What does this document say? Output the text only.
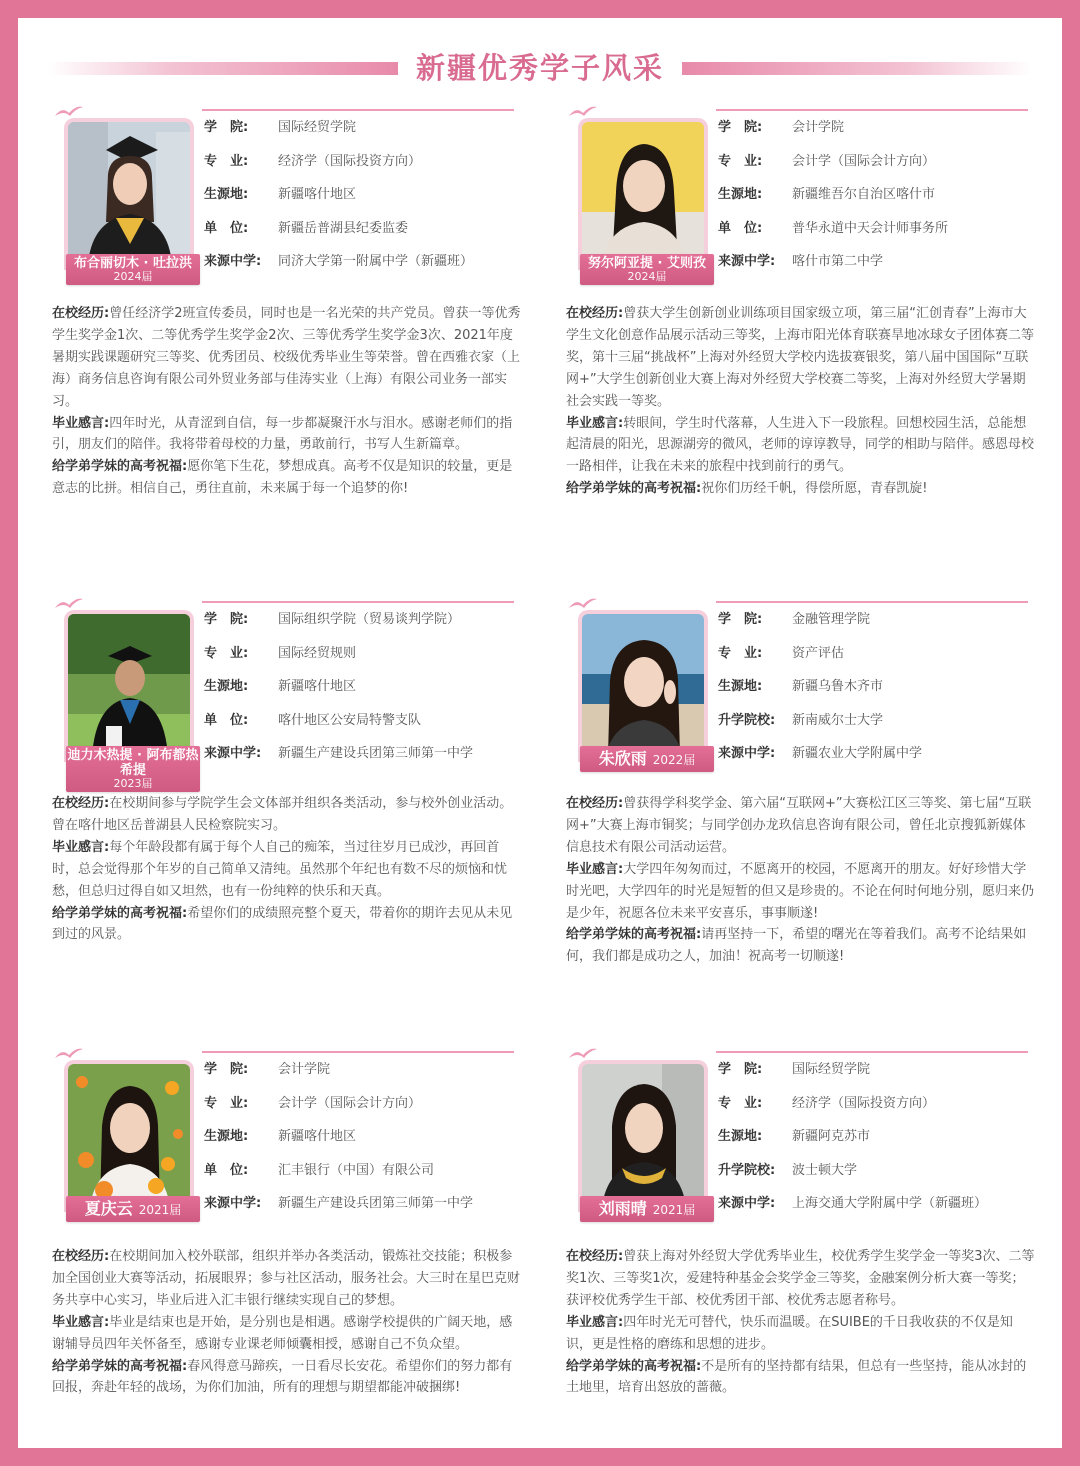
新疆优秀学子风采
布合丽切木 · 吐拉洪
2024届
学　院:	国际经贸学院
专　业:	经济学（国际投资方向）
生源地:	新疆喀什地区
单　位:	新疆岳普湖县纪委监委
来源中学:	同济大学第一附属中学（新疆班）

在校经历:曾任经济学2班宣传委员，同时也是一名光荣的共产党员。曾获一等优秀学生奖学金1次、二等优秀学生奖学金2次、三等优秀学生奖学金3次、2021年度暑期实践课题研究三等奖、优秀团员、校级优秀毕业生等荣誉。曾在西雅衣家（上海）商务信息咨询有限公司外贸业务部与佳涛实业（上海）有限公司业务一部实习。

毕业感言:四年时光，从青涩到自信，每一步都凝聚汗水与泪水。感谢老师们的指引，朋友们的陪伴。我将带着母校的力量，勇敢前行，书写人生新篇章。

给学弟学妹的高考祝福:愿你笔下生花，梦想成真。高考不仅是知识的较量，更是意志的比拼。相信自己，勇往直前，未来属于每一个追梦的你!

努尔阿亚提 · 艾则孜
2024届
学　院:	会计学院
专　业:	会计学（国际会计方向）
生源地:	新疆维吾尔自治区喀什市
单　位:	普华永道中天会计师事务所
来源中学:	喀什市第二中学

在校经历:曾获大学生创新创业训练项目国家级立项，第三届“汇创青春”上海市大学生文化创意作品展示活动三等奖，上海市阳光体育联赛旱地冰球女子团体赛二等奖，第十三届“挑战杯”上海对外经贸大学校内选拔赛银奖，第八届中国国际“互联网+”大学生创新创业大赛上海对外经贸大学校赛二等奖，上海对外经贸大学暑期社会实践一等奖。

毕业感言:转眼间，学生时代落幕，人生进入下一段旅程。回想校园生活，总能想起清晨的阳光，思源湖旁的微风，老师的谆谆教导，同学的相助与陪伴。感恩母校一路相伴，让我在未来的旅程中找到前行的勇气。

给学弟学妹的高考祝福:祝你们历经千帆，得偿所愿，青春凯旋!

迪力木热提 · 阿布都热希提
2023届
学　院:	国际组织学院（贸易谈判学院）
专　业:	国际经贸规则
生源地:	新疆喀什地区
单　位:	喀什地区公安局特警支队
来源中学:	新疆生产建设兵团第三师第一中学

在校经历:在校期间参与学院学生会文体部并组织各类活动，参与校外创业活动。曾在喀什地区岳普湖县人民检察院实习。

毕业感言:每个年龄段都有属于每个人自己的痴笨，当过往岁月已成沙，再回首时，总会觉得那个年岁的自己简单又清纯。虽然那个年纪也有数不尽的烦恼和忧愁，但总归过得自如又坦然，也有一份纯粹的快乐和天真。

给学弟学妹的高考祝福:希望你们的成绩照亮整个夏天，带着你的期许去见从未见到过的风景。

朱欣雨 2022届
学　院:	金融管理学院
专　业:	资产评估
生源地:	新疆乌鲁木齐市
升学院校:	新南威尔士大学
来源中学:	新疆农业大学附属中学

在校经历:曾获得学科奖学金、第六届“互联网+”大赛松江区三等奖、第七届“互联网+”大赛上海市铜奖；与同学创办龙玖信息咨询有限公司，曾任北京搜狐新媒体信息技术有限公司活动运营。

毕业感言:大学四年匆匆而过，不愿离开的校园，不愿离开的朋友。好好珍惜大学时光吧，大学四年的时光是短暂的但又是珍贵的。不论在何时何地分别，愿归来仍是少年，祝愿各位未来平安喜乐，事事顺遂!

给学弟学妹的高考祝福:请再坚持一下，希望的曙光在等着我们。高考不论结果如何，我们都是成功之人，加油！祝高考一切顺遂!

夏庆云 2021届
学　院:	会计学院
专　业:	会计学（国际会计方向）
生源地:	新疆喀什地区
单　位:	汇丰银行（中国）有限公司
来源中学:	新疆生产建设兵团第三师第一中学

在校经历:在校期间加入校外联部，组织并举办各类活动，锻炼社交技能；积极参加全国创业大赛等活动，拓展眼界；参与社区活动，服务社会。大三时在星巴克财务共享中心实习，毕业后进入汇丰银行继续实现自己的梦想。

毕业感言:毕业是结束也是开始，是分别也是相遇。感谢学校提供的广阔天地，感谢辅导员四年关怀备至，感谢专业课老师倾囊相授，感谢自己不负众望。

给学弟学妹的高考祝福:春风得意马蹄疾，一日看尽长安花。希望你们的努力都有回报，奔赴年轻的战场，为你们加油，所有的理想与期望都能冲破捆绑!

刘雨晴 2021届
学　院:	国际经贸学院
专　业:	经济学（国际投资方向）
生源地:	新疆阿克苏市
升学院校:	波士顿大学
来源中学:	上海交通大学附属中学（新疆班）

在校经历:曾获上海对外经贸大学优秀毕业生，校优秀学生奖学金一等奖3次、二等奖1次、三等奖1次，爱建特种基金会奖学金三等奖，金融案例分析大赛一等奖；获评校优秀学生干部、校优秀团干部、校优秀志愿者称号。

毕业感言:四年时光无可替代，快乐而温暖。在SUIBE的千日我收获的不仅是知识，更是性格的磨练和思想的进步。

给学弟学妹的高考祝福:不是所有的坚持都有结果，但总有一些坚持，能从冰封的土地里，培育出怒放的蔷薇。
